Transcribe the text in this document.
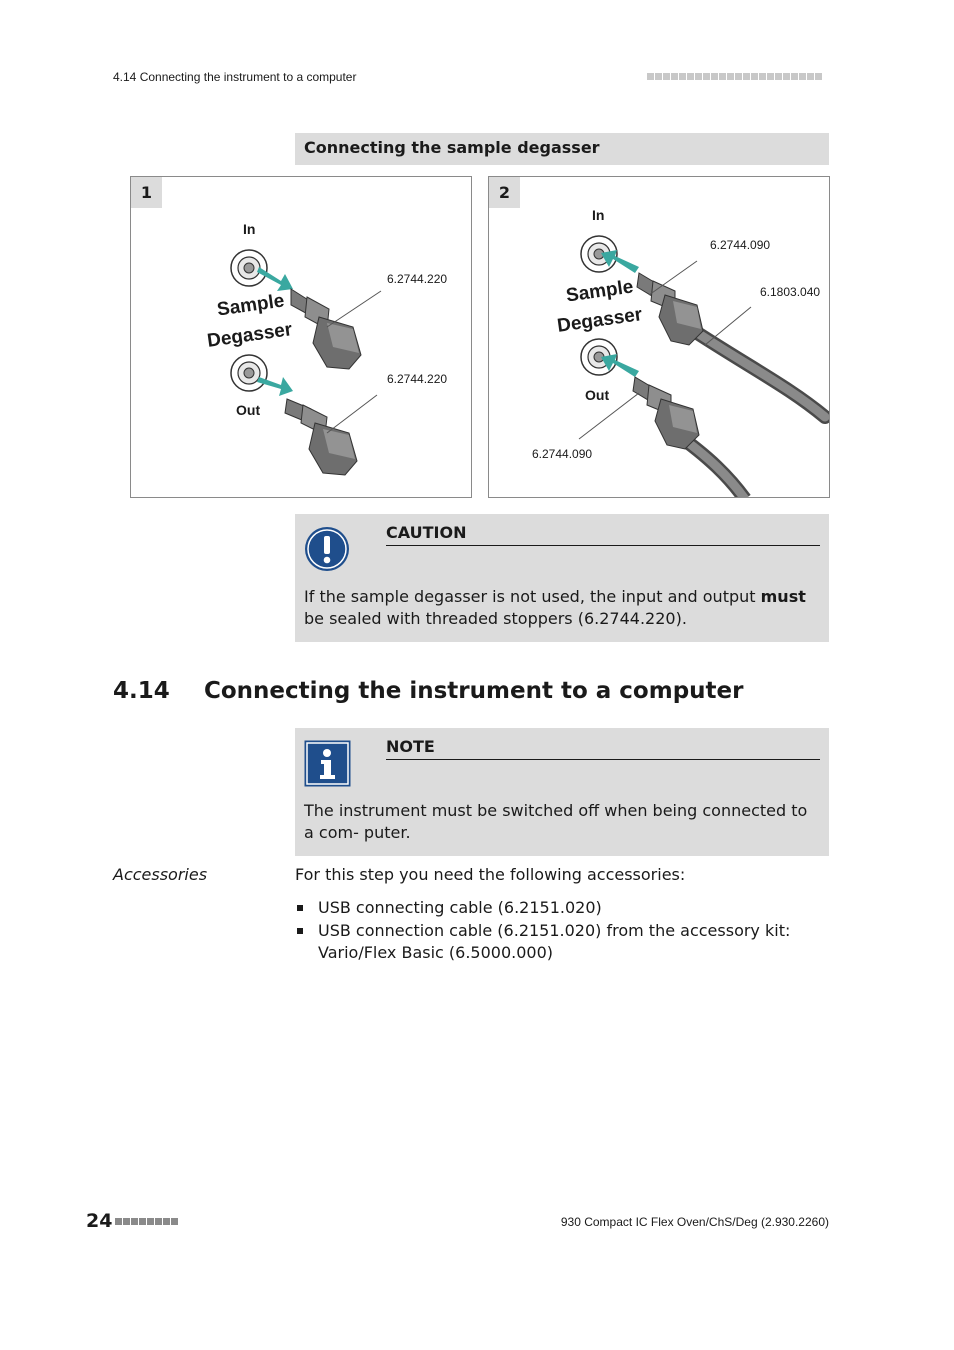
4.14 Connecting the instrument to a computer
Connecting the sample degasser
1
In
Out
Sample
Degasser
6.2744.220
6.2744.220
2
In
Out
Sample
Degasser
6.2744.090
6.1803.040
6.2744.090
CAUTION
If the sample degasser is not used, the input and output must be sealed with threaded stoppers (6.2744.220).
4.14	Connecting the instrument to a computer
NOTE
The instrument must be switched off when being connected to a com- puter.
Accessories	For this step you need the following accessories:
USB connecting cable (6.2151.020)
USB connection cable (6.2151.020) from the accessory kit: Vario/Flex Basic (6.5000.000)
24	930 Compact IC Flex Oven/ChS/Deg (2.930.2260)
